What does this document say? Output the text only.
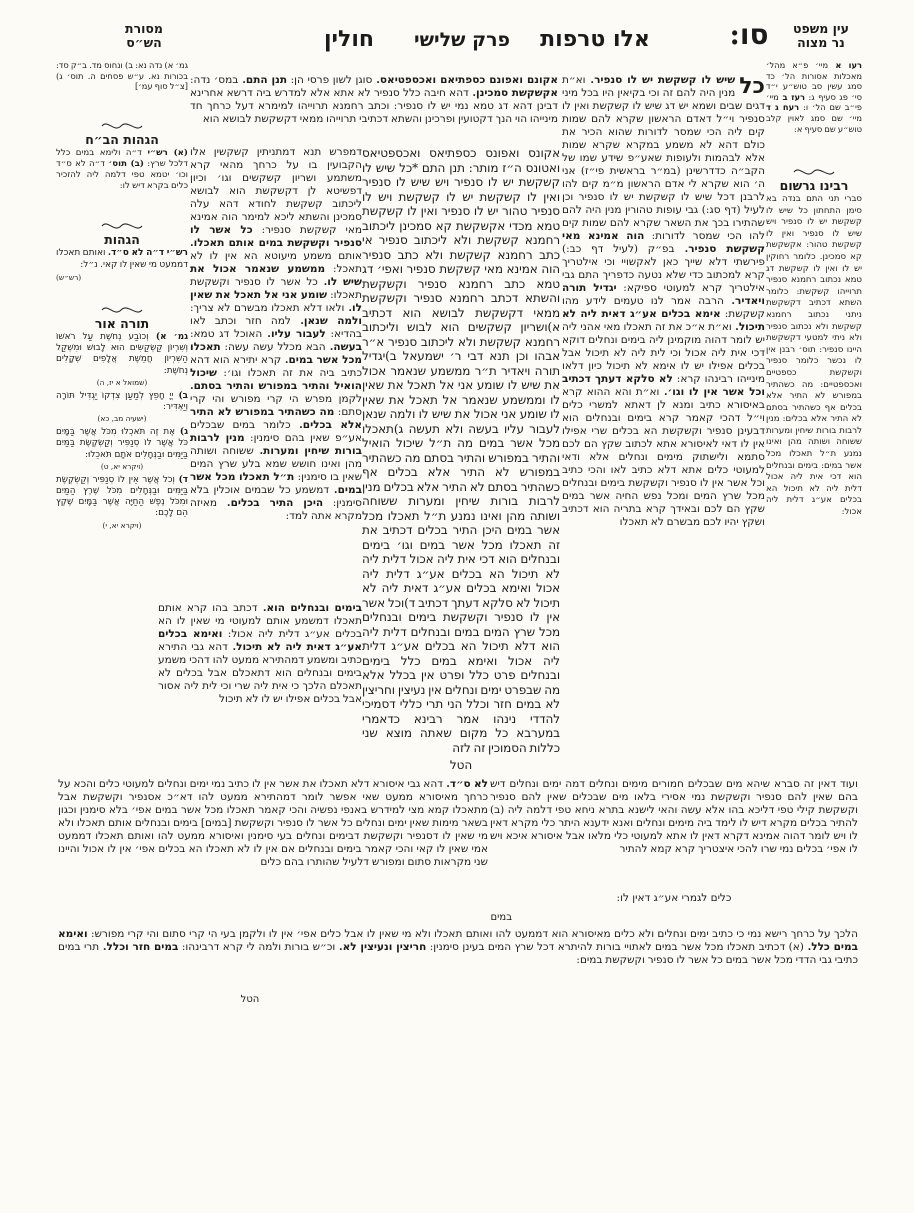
עין משפט
נר מצוה
סו:
אלו טרפות
פרק שלישי
חולין
מסורת
הש״ס
רעו א מיי׳ פ״א מהל׳ מאכלות אסורות הל׳ כד סמג עשין סב טוש״ע י״ד סי׳ פג סעיף ג: רעז ב מיי׳ פי״ב שם הל׳ ו: רעח ג ד מיי׳ שם סמג לאוין קלב טוש״ע שם סעיף א:
רבינו גרשום
סברי תני התם בנדה בא סימן התחתון כל שיש לו קשקשת יש לו סנפיר ויש שיש לו סנפיר ואין לו קשקשת טהור: אקשקשת קא סמכינן. כלומר רחוקין יש לו ואין לו קשקשת דג טמא נכתוב רחמנא סנפיר תרוייהו קשקשת: כלומר השתא דכתיב דקשקשת ניתני נכתוב רחמנא קשקשת ולא נכתוב סנפיר ולא ניתי למטעי דקשקשת היינו סנפיר: תוס׳ רבנן אין לו נכשר כלומר סנפיר וקשקשת כספטיים ואכספטיים: מה כשהתיר במפורש לא התיר אלא בכלים אף כשהתיר בסתם לא התיר אלא בכלים: מנין לרבות בורות שיחין ומערות ששוחה ושותה מהן ואינו נמנע ת״ל תאכלו מכל אשר במים: בימים ובנחלים הוא דכי אית ליה אכול דלית ליה לא תיכול הא בכלים אע״ג דלית ליה אכול:
גמ׳ א) נדה נא: ב) ונחוס מד. ב״ק סד: בכורות נא. ע״ש פסחים ה. תוס׳ ג) [צ״ל סוף עמ׳]
הגהות הב״ח
(א) רש״י ד״ה ולימא במים כלל דלכל שרץ: (ב) תוס׳ ד״ה לא ס״ד וכו׳ יטמא טפי דלמה ליה להזכיר כלים בקרא דיש לו:
הגהות
רש״י ד״ה לא ס״ד. ואותם תאכלו דממעט מי שאין לו קאי. נ״ל:
(רש״ש)
תורה אור
גמ׳ א) וְכוֹבַע נְחֹשֶׁת עַל רֹאשׁוֹ וְשִׁרְיוֹן קַשְׂקַשִּׂים הוּא לָבוּשׁ וּמִשְׁקַל הַשִּׁרְיוֹן חֲמֵשֶׁת אֲלָפִים שְׁקָלִים נְחֹשֶׁת:
(שמואל א יז, ה)
ב) יְיָ חָפֵץ לְמַעַן צִדְקוֹ יַגְדִּיל תּוֹרָה וְיַאְדִּיר:
(ישעיה מב, כא)
ג) אֶת זֶה תֹּאכְלוּ מִכֹּל אֲשֶׁר בַּמָּיִם כֹּל אֲשֶׁר לוֹ סְנַפִּיר וְקַשְׂקֶשֶׂת בַּמַּיִם בַּיַּמִּים וּבַנְּחָלִים אֹתָם תֹּאכֵלוּ:
(ויקרא יא, ט)
ד) וְכֹל אֲשֶׁר אֵין לוֹ סְנַפִּיר וְקַשְׂקֶשֶׂת בַּיַּמִּים וּבַנְּחָלִים מִכֹּל שֶׁרֶץ הַמַּיִם וּמִכֹּל נֶפֶשׁ הַחַיָּה אֲשֶׁר בַּמָּיִם שֶׁקֶץ הֵם לָכֶם:
(ויקרא יא, י)
אקונם ואפונם כספתיאם ואכספטיאס. סוגן לשון פרסי הן: תנן התם. במס׳ נדה: אקשקשת סמכינן. דהא חיבה כלל סנפיר לא אתא אלא למדרש ביה דרשא אחרינא דבינן דהא דג טמא נמי יש לו סנפיר: וכתב רחמנא תרוייהו למימרא דעל כרחך חד מינייהו הוי הנך דקטועין ופרכינן והשתא דכתיבי תרוייהו ממאי דקשקשת לבושא הוא
כל
שיש לו קשקשת יש לו סנפיר. וא״ת מנין היה להם זה וכי בקיאין היו בכל מיני דגים שבים ושמא יש דג שיש לו קשקשת ואין לו סנפיר וי״ל דאדם הראשון שקרא להם שמות קים ליה הכי שמסר לדורות שהוא הכיר את כולם דהא לא משמע במקרא שקרא שמות אלא לבהמות ולעופות שאע״פ שידע שמו של הקב״ה כדדרשינן (במ״ר בראשית פי״ז) אני ה׳ הוא שקרא לי אדם הראשון מ״מ קים להו לרבנן דכל שיש לו קשקשת יש לו סנפיר וכן לעיל (דף סג:) גבי עופות טהורין מנין היה להם שהתירו בכך את השאר שקרא להם שמות קים להו הכי שמסר לדורות: הוה אמינא מאי קשקשת סנפיר. בפ״ק (לעיל דף כב:) פירשתי דלא שייך כאן לאקשויי וכי אילטריך קרא למכתוב כדי שלא נטעה כדפריך התם גבי אילטריך קרא למעוטי ספיקא: יגדיל תורה ויאדיר. הרבה אמר לנו טעמים לידע מהו קשקשת: אימא בכלים אע״ג דאית ליה לא תיכול. וא״ת א״כ את זה תאכלו מאי אהני ליה יש לומר דהוה מוקמינן ליה בימים ונחלים דוקא דכי אית ליה אכול וכי לית ליה לא תיכול אבל בכלים אפילו יש לו אימא לא תיכול כיון דלאו מינייהו רבינהו קרא: לא סלקא דעתך דכתיב וכל אשר אין לו וגו׳. וא״ת והא ההוא קרא באיסורא כתיב ומנא לן דאתא למשרי כלים וי״ל דהכי קאמר קרא בימים ובנחלים הוא דבעינן סנפיר וקשקשת הא בכלים שרי אפילו אין לו דאי לאיסורא אתא לכתוב שקץ הם לכם סתמא ולישתוק מימים ונחלים אלא ודאי למעוטי כלים אתא דלא כתיב לאו והכי כתיב וכל אשר אין לו סנפיר וקשקשת בימים ובנחלים מכל שרץ המים ומכל נפש החיה אשר במים שקץ הם לכם ובאידך קרא בתריה הוא דכתיב ושקץ יהיו לכם מבשרם לא תאכלו
אקונס ואפונס כספתיאס ואכספטיאס ואטונס ה״ז מותר: תנן התם *כל שיש לו קשקשת יש לו סנפיר ויש שיש לו סנפיר ואין לו קשקשת יש לו קשקשת ויש לו סנפיר טהור יש לו סנפיר ואין לו קשקשת טמא מכדי אקשקשת קא סמכינן ליכתוב רחמנא קשקשת ולא ליכתוב סנפיר אי כתב רחמנא קשקשת ולא כתב סנפיר הוה אמינא מאי קשקשת סנפיר ואפי׳ דג טמא כתב רחמנא סנפיר וקשקשת והשתא דכתב רחמנא סנפיר וקשקשת ממאי דקשקשת לבושא הוא דכתיב א)ושריון קשקשים הוא לבוש וליכתוב רחמנא קשקשת ולא ליכתוב סנפיר א״ר אבהו וכן תנא דבי ר׳ ישמעאל ב)יגדיל תורה ויאדיר ת״ר ממשמע שנאמר אכול את שיש לו שומע אני אל תאכל את שאין לו וממשמע שנאמר אל תאכל את שאין לו שומע אני אכול את שיש לו ולמה שנאן לעבור עליו בעשה ולא תעשה ג)תאכלו מכל אשר במים מה ת״ל שיכול הואיל והתיר במפורש והתיר בסתם מה כשהתיר במפורש לא התיר אלא בכלים אף כשהתיר בסתם לא התיר אלא בכלים מנין לרבות בורות שיחין ומערות ששוחה ושותה מהן ואינו נמנע ת״ל תאכלו מכל אשר במים היכן התיר בכלים דכתיב את זה תאכלו מכל אשר במים וגו׳ בימים ובנחלים הוא דכי אית ליה אכול דלית ליה לא תיכול הא בכלים אע״ג דלית ליה אכול ואימא בכלים אע״ג דאית ליה לא תיכול לא סלקא דעתך דכתיב ד)וכל אשר אין לו סנפיר וקשקשת בימים ובנחלים מכל שרץ המים במים ובנחלים דלית ליה הוא דלא תיכול הא בכלים אע״ג דלית ליה אכול ואימא במים כלל בימים ובנחלים פרט כלל ופרט אין בכלל אלא מה שבפרט ימים ונחלים אין נעיצין וחריצין לא במים חזר וכלל הני תרי כללי דסמיכי להדדי נינהו אמר רבינא כדאמרי במערבא כל מקום שאתה מוצא שני כללות הסמוכין זה לזה
הטל
דמפרש תנא דמתניתין קשקשין אלו הקבועין בו על כרחך מהאי קרא משתמע ושריון קשקשים וגו׳ וכיון דפשיטא לן דקשקשת הוא לבושא ליכתוב קשקשת לחודא דהא עלה סמכינן והשתא ליכא למימר הוה אמינא מאי קשקשת סנפיר: כל אשר לו סנפיר וקשקשת במים אותם תאכלו. אותם משמע מיעוטא הא אין לו לא תאכל: ממשמע שנאמר אכול את שיש לו. כל אשר לו סנפיר וקשקשת תאכלו: שומע אני אל תאכל את שאין לו. ולאו דלא תאכלו מבשרם לא צריך: ולמה שנאן. למה חזר וכתב לאו בהדיא: לעבור עליו. האוכל דג טמא: בעשה. הבא מכלל עשה עשה: תאכלו מכל אשר במים. קרא יתירא הוא דהא כתיב ביה את זה תאכלו וגו׳: שיכול הואיל והתיר במפורש והתיר בסתם. לקמן מפרש הי קרי מפורש והי קרי סתם: מה כשהתיר במפורש לא התיר אלא בכלים. כלומר במים שבכלים אע״פ שאין בהם סימנין: מנין לרבות בורות שיחין ומערות. ששוחה ושותה מהן ואינו חושש שמא בלע שרץ המים שאין בו סימנין: ת״ל תאכלו מכל אשר במים. דמשמע כל שבמים אוכלין בלא סימנין: היכן התיר בכלים. מאיזה מקרא אתה למד:
בימים ובנחלים הוא. דכתב בהו קרא אותם תאכלו דמשמע אותם למעוטי מי שאין לו הא בכלים אע״ג דלית ליה אכול: ואימא בכלים אע״ג דאית ליה לא תיכול. דהא גבי התירא כתיב ומשמע דמהתירא ממעט להו דהכי משמע בימים ובנחלים הוא דתאכלם אבל בכלים לא תאכלם הלכך כי אית ליה שרי וכי לית ליה אסור אבל בכלים אפילו יש לו לא תיכול
לא ס״ד. דהא גבי איסורא דלא תאכלו את אשר אין לו כתיב נמי ימים ונחלים למעוטי כלים והכא על כרחך מאיסורא ממעט שאי אפשר לומר דמהתירא ממעט להו דא״כ אסנפיר וקשקשת אבל מתאכלו קמא מצי למידרש באנפי נפשיה והכי קאמר תאכלו מכל אשר במים אפי׳ בלא סימנין וכגון בשאר מימות שאין ימים ונחלים כל אשר לו סנפיר וקשקשת [במים] בימים ובנחלים אותם תאכלו ולא מי שאין לו דסנפיר וקשקשת דבימים ונחלים בעי סימנין ואיסורא ממעט להו ואותם תאכלו דממעט אמי שאין לו קאי והכי קאמר בימים ובנחלים אם אין לו לא תאכלו הא בכלים אפי׳ אין לו אכול והיינו שני מקראות סתום ומפורש דלעיל שהותרו בהם כלים
ועוד דאין זה סברא שיהא מים שבכלים חמורים מימים ונחלים דמה ימים ונחלים דיש בהם שאין להם סנפיר וקשקשת נמי אסירי בלאו מים שבכלים שאין להם סנפיר וקשקשת קילי טפי דליכא בהו אלא עשה והאי לישנא בתרא ניחא טפי דלמה ליה (ב) להתיר בכלים מקרא דיש לו לימד ביה מימים ונחלים ואנא ידענא היתר כלי מקרא דאין לו ויש לומר דהוה אמינא דקרא דאין לו אתא למעוטי כלי מלאו אבל איסורא איכא ויש לו אפי׳ בכלים נמי שרו להכי איצטריך קרא קמא להתיר
כלים לגמרי אע״ג דאין לו:
במים
הלכך על כרחך רישא נמי כי כתיב ימים ונחלים ולא כלים מאיסורא הוא דממעט להו ואותם תאכלו ולא מי שאין לו אבל כלים אפי׳ אין לו ולקמן בעי הי קרי סתום והי קרי מפורש: ואימא במים כלל. (א) דכתיב תאכלו מכל אשר במים לאתויי בורות להיתרא דכל שרץ המים בעינן סימנין: חריצין ונעיצין לא. וכ״ש בורות ולמה לי קרא דרבינהו: במים חזר וכלל. תרי במים כתיבי גבי הדדי מכל אשר במים כל אשר לו סנפיר וקשקשת במים:
הטל
